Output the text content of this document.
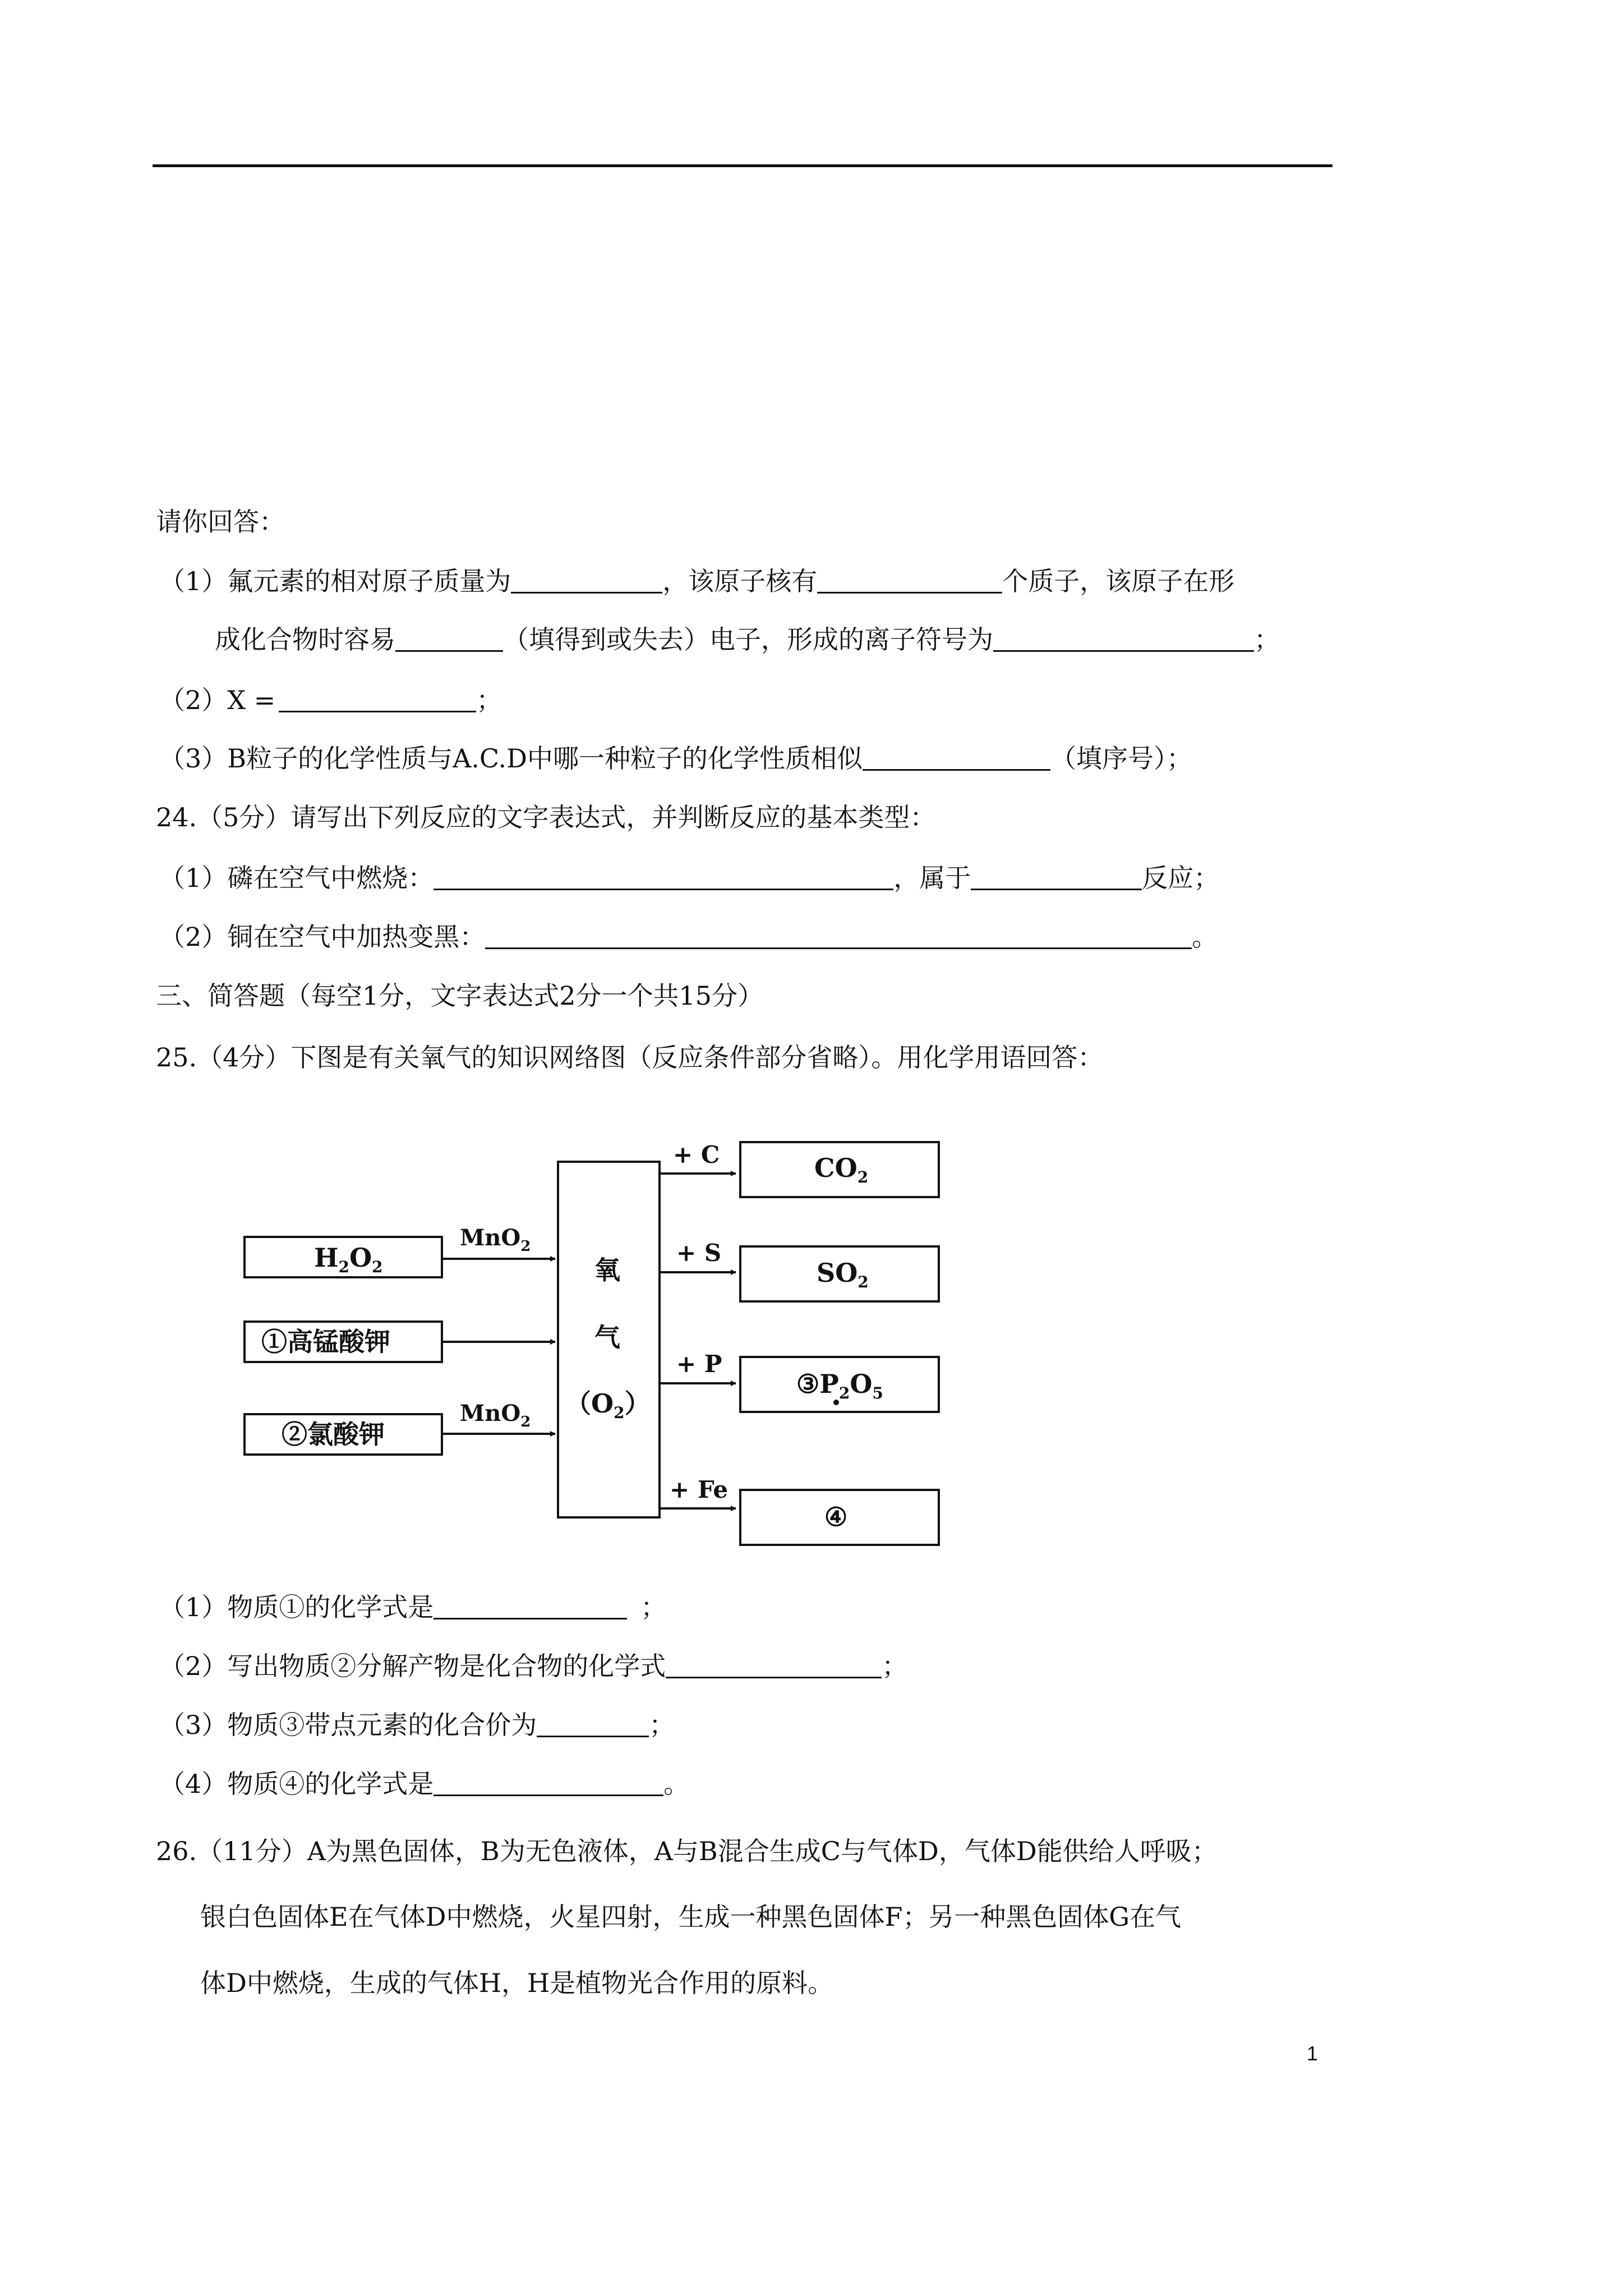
请你回答：
（1）氟元素的相对原子质量为	，该原子核有	个质子，该原子在形
成化合物时容易	（填得到或失去）电子，形成的离子符号为	；
（2）X =	；
（3）B粒子的化学性质与A.C.D中哪一种粒子的化学性质相似	（填序号）；
24.（5分）请写出下列反应的文字表达式，并判断反应的基本类型：
（1）磷在空气中燃烧：	，属于	反应；
（2）铜在空气中加热变黑：	。
三、简答题（每空1分，文字表达式2分一个共15分）
25.（4分）下图是有关氧气的知识网络图（反应条件部分省略）。用化学用语回答：
$H_2O_2$
①高锰酸钾
②氯酸钾
MnO$_2$
MnO$_2$
氧
气
$(O_2)$
+ C
+ S
+ P
+ Fe
$CO_2$
$SO_2$
$③P_2O_5$
④
（1）物质①的化学式是	；
（2）写出物质②分解产物是化合物的化学式	；
（3）物质③带点元素的化合价为	；
（4）物质④的化学式是	。
26.（11分）A为黑色固体，B为无色液体，A与B混合生成C与气体D，气体D能供给人呼吸；
银白色固体E在气体D中燃烧，火星四射，生成一种黑色固体F；另一种黑色固体G在气
体D中燃烧，生成的气体H，H是植物光合作用的原料。
1
